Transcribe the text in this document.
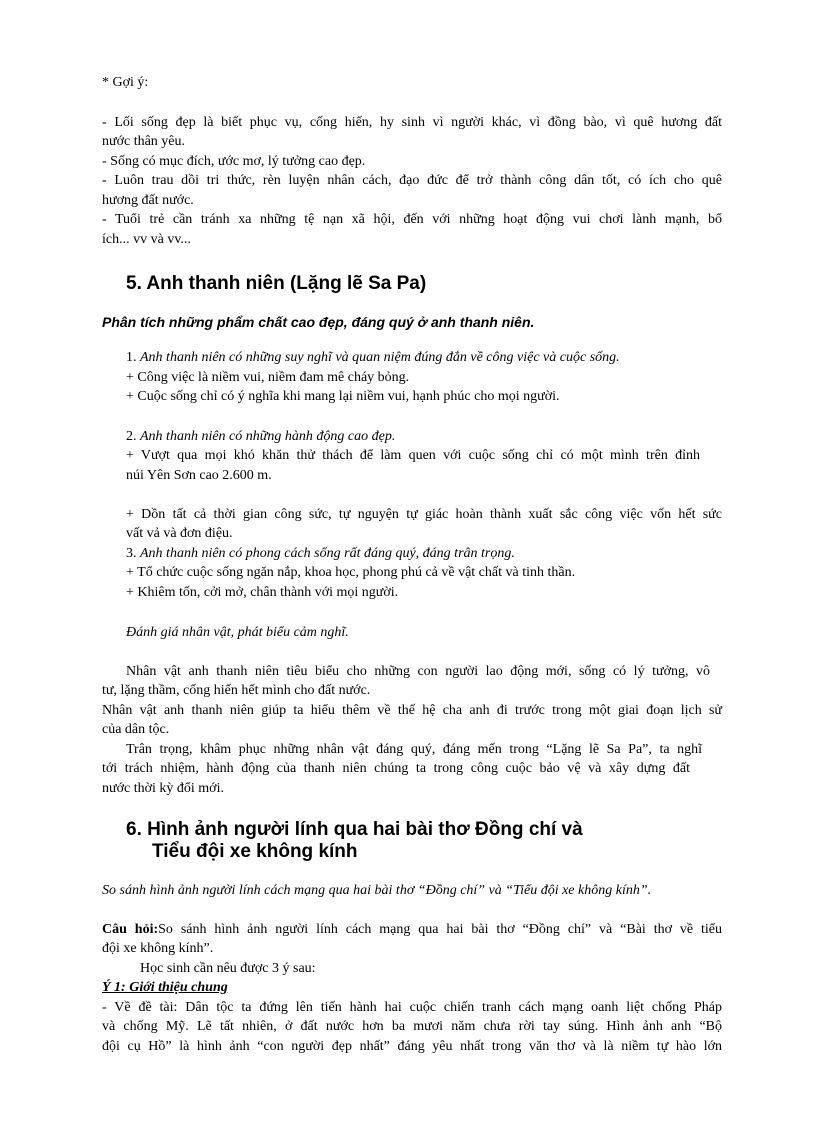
* Gợi ý:
- Lối sống đẹp là biết phục vụ, cống hiến, hy sinh vì người khác, vì đồng bào, vì quê hương đất
nước thân yêu.
- Sống có mục đích, ước mơ, lý tưởng cao đẹp.
- Luôn trau dồi tri thức, rèn luyện nhân cách, đạo đức để trở thành công dân tốt, có ích cho quê
hương đất nước.
- Tuổi trẻ cần tránh xa những tệ nạn xã hội, đến với những hoạt động vui chơi lành mạnh, bổ
ích... vv và vv...
5. Anh thanh niên (Lặng lẽ Sa Pa)
Phân tích những phẩm chất cao đẹp, đáng quý ở anh thanh niên.
1. Anh thanh niên có những suy nghĩ và quan niệm đúng đắn về công việc và cuộc sống.
+ Công việc là niềm vui, niềm đam mê cháy bỏng.
+ Cuộc sống chỉ có ý nghĩa khi mang lại niềm vui, hạnh phúc cho mọi người.
2. Anh thanh niên có những hành động cao đẹp.
+ Vượt qua mọi khó khăn thử thách để làm quen với cuộc sống chỉ có một mình trên đỉnh
núi Yên Sơn cao 2.600 m.
+ Dồn tất cả thời gian công sức, tự nguyện tự giác hoàn thành xuất sắc công việc vốn hết sức
vất vả và đơn điệu.
3. Anh thanh niên có phong cách sống rất đáng quý, đáng trân trọng.
+ Tổ chức cuộc sống ngăn nắp, khoa học, phong phú cả về vật chất và tinh thần.
+ Khiêm tốn, cởi mở, chân thành với mọi người.
Đánh giá nhân vật, phát biểu cảm nghĩ.
Nhân vật anh thanh niên tiêu biểu cho những con người lao động mới, sống có lý tưởng, vô
tư, lặng thầm, cống hiến hết mình cho đất nước.
Nhân vật anh thanh niên giúp ta hiểu thêm về thế hệ cha anh đi trước trong một giai đoạn lịch sử
của dân tộc.
Trân trọng, khâm phục những nhân vật đáng quý, đáng mến trong “Lặng lẽ Sa Pa”, ta nghĩ
tới trách nhiệm, hành động của thanh niên chúng ta trong công cuộc bảo vệ và xây dựng đất
nước thời kỳ đổi mới.
6. Hình ảnh người lính qua hai bài thơ Đồng chí và
Tiểu đội xe không kính
So sánh hình ảnh người lính cách mạng qua hai bài thơ “Đồng chí” và “Tiểu đội xe không kính”.
Câu hỏi:So sánh hình ảnh người lính cách mạng qua hai bài thơ “Đồng chí” và “Bài thơ về tiểu
đội xe không kính”.
Học sinh cần nêu được 3 ý sau:
Ý 1: Giới thiệu chung
- Về đề tài: Dân tộc ta đứng lên tiến hành hai cuộc chiến tranh cách mạng oanh liệt chống Pháp
và chống Mỹ. Lẽ tất nhiên, ở đất nước hơn ba mươi năm chưa rời tay súng. Hình ảnh anh “Bộ
đội cụ Hồ” là hình ảnh “con người đẹp nhất” đáng yêu nhất trong văn thơ và là niềm tự hào lớn
